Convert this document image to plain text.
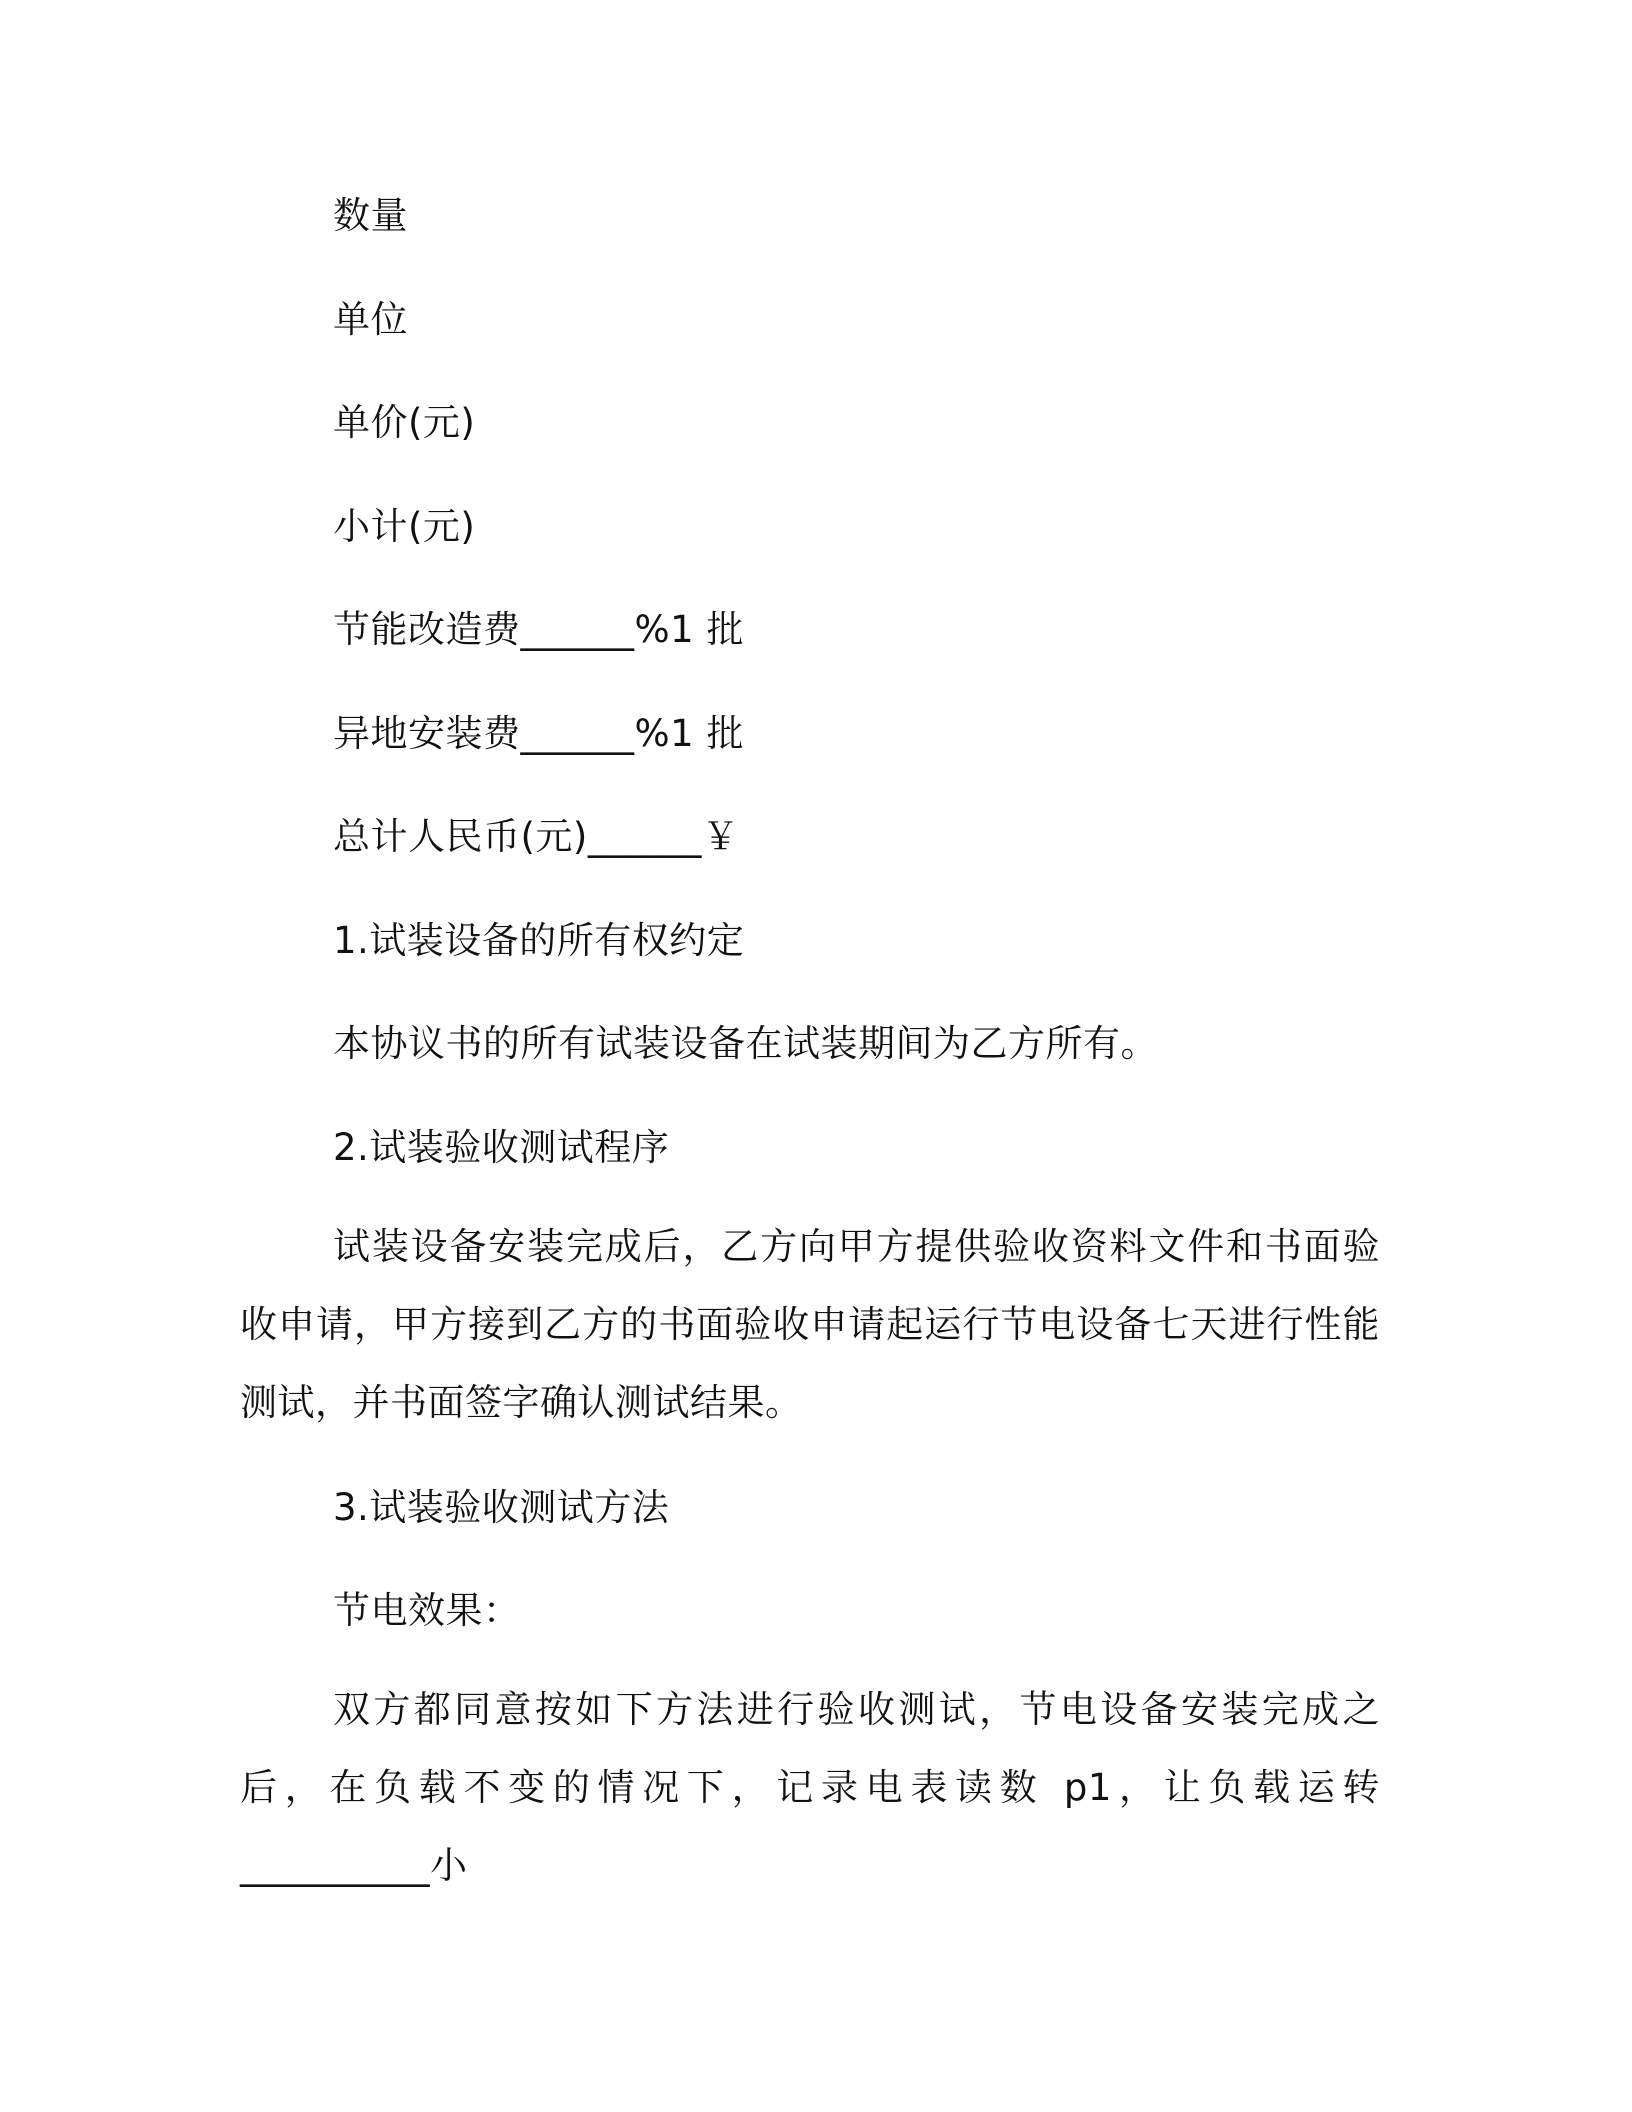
数量
单位
单价(元)
小计(元)
节能改造费______%1 批
异地安装费______%1 批
总计人民币(元)______￥
1.试装设备的所有权约定
本协议书的所有试装设备在试装期间为乙方所有。
2.试装验收测试程序
试装设备安装完成后，乙方向甲方提供验收资料文件和书面验收申请，甲方接到乙方的书面验收申请起运行节电设备七天进行性能测试，并书面签字确认测试结果。
3.试装验收测试方法
节电效果：
双方都同意按如下方法进行验收测试，节电设备安装完成之后，在负载不变的情况下，记录电表读数 p1，让负载运转__________小
